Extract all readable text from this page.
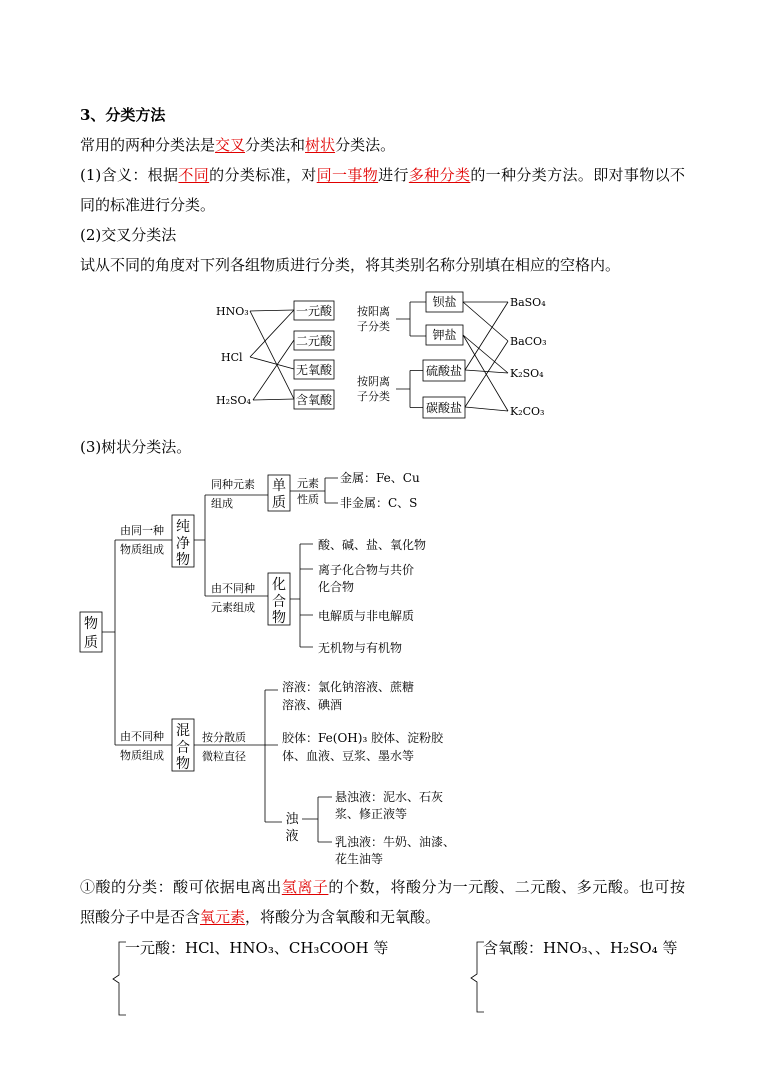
3、分类方法
常用的两种分类法是交叉分类法和树状分类法。
(1)含义：根据不同的分类标准，对同一事物进行多种分类的一种分类方法。即对事物以不
同的标准进行分类。
(2)交叉分类法
试从不同的角度对下列各组物质进行分类，将其类别名称分别填在相应的空格内。
HNO₃
HCl
H₂SO₄
一元酸
二元酸
无氧酸
含氧酸
按阳离
子分类
按阴离
子分类
钡盐
钾盐
硫酸盐
碳酸盐
BaSO₄
BaCO₃
K₂SO₄
K₂CO₃
(3)树状分类法。
物
质
由同一种
物质组成
纯
净
物
同种元素
组成
单
质
元素
性质
金属：Fe、Cu
非金属：C、S
由不同种
元素组成
化
合
物
酸、碱、盐、氧化物
离子化合物与共价
化合物
电解质与非电解质
无机物与有机物
由不同种
物质组成
混
合
物
按分散质
微粒直径
溶液：氯化钠溶液、蔗糖
溶液、碘酒
胶体：Fe(OH)₃ 胶体、淀粉胶
体、血液、豆浆、墨水等
浊
液
悬浊液：泥水、石灰
浆、修正液等
乳浊液：牛奶、油漆、
花生油等
①酸的分类：酸可依据电离出氢离子的个数，将酸分为一元酸、二元酸、多元酸。也可按
照酸分子中是否含氧元素，将酸分为含氧酸和无氧酸。
一元酸：HCl、HNO₃、CH₃COOH 等	含氧酸：HNO₃、、H₂SO₄ 等
